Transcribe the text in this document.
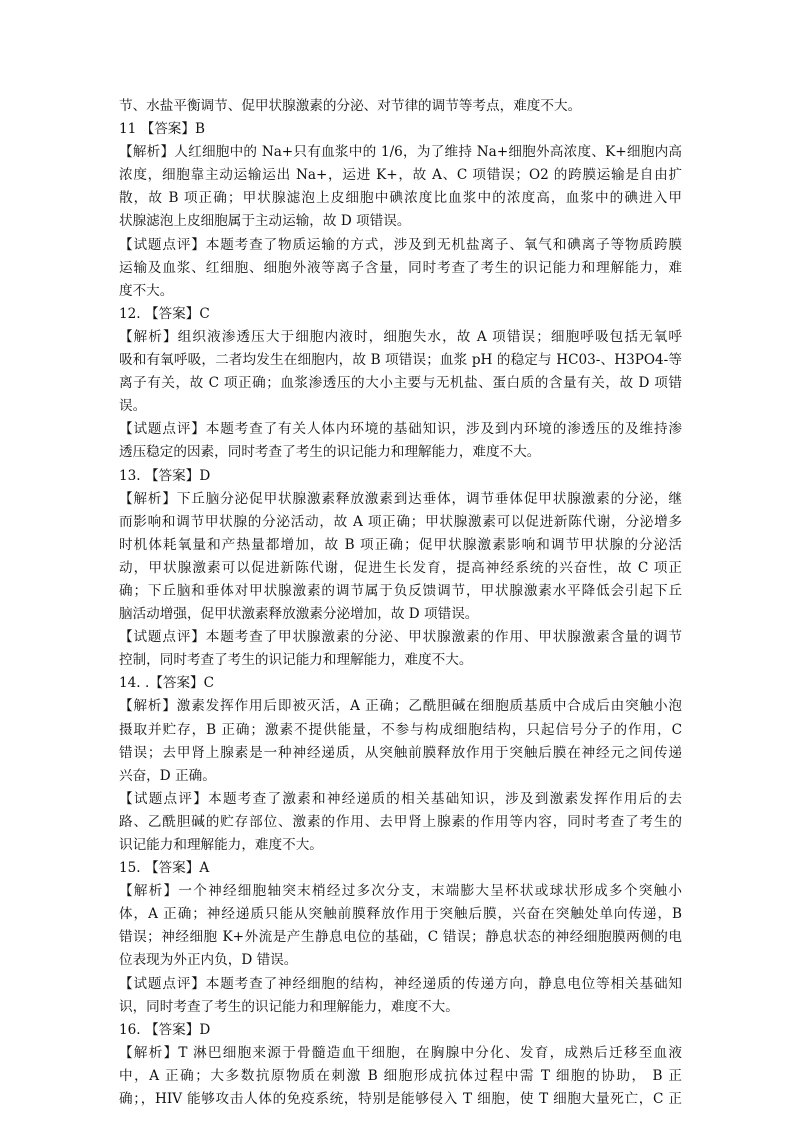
节、水盐平衡调节、促甲状腺激素的分泌、对节律的调节等考点，难度不大。
11 【答案】B
【解析】人红细胞中的 Na+只有血浆中的 1/6，为了维持 Na+细胞外高浓度、K+细胞内高
浓度，细胞靠主动运输运出 Na+，运进 K+，故 A、C 项错误；O2 的跨膜运输是自由扩
散，故 B 项正确；甲状腺滤泡上皮细胞中碘浓度比血浆中的浓度高，血浆中的碘进入甲
状腺滤泡上皮细胞属于主动运输，故 D 项错误。
【试题点评】本题考查了物质运输的方式，涉及到无机盐离子、氧气和碘离子等物质跨膜
运输及血浆、红细胞、细胞外液等离子含量，同时考查了考生的识记能力和理解能力，难
度不大。
12. 【答案】C
【解析】组织液渗透压大于细胞内液时，细胞失水，故 A 项错误；细胞呼吸包括无氧呼
吸和有氧呼吸，二者均发生在细胞内，故 B 项错误；血浆 pH 的稳定与 HC03-、H3PO4-等
离子有关，故 C 项正确；血浆渗透压的大小主要与无机盐、蛋白质的含量有关，故 D 项错
误。
【试题点评】本题考查了有关人体内环境的基础知识，涉及到内环境的渗透压的及维持渗
透压稳定的因素，同时考查了考生的识记能力和理解能力，难度不大。
13. 【答案】D
【解析】下丘脑分泌促甲状腺激素释放激素到达垂体，调节垂体促甲状腺激素的分泌，继
而影响和调节甲状腺的分泌活动，故 A 项正确；甲状腺激素可以促进新陈代谢，分泌增多
时机体耗氧量和产热量都增加，故 B 项正确；促甲状腺激素影响和调节甲状腺的分泌活
动，甲状腺激素可以促进新陈代谢，促进生长发育，提高神经系统的兴奋性，故 C 项正
确；下丘脑和垂体对甲状腺激素的调节属于负反馈调节，甲状腺激素水平降低会引起下丘
脑活动增强，促甲状激素释放激素分泌增加，故 D 项错误。
【试题点评】本题考查了甲状腺激素的分泌、甲状腺激素的作用、甲状腺激素含量的调节
控制，同时考查了考生的识记能力和理解能力，难度不大。
14. .【答案】C
【解析】激素发挥作用后即被灭活，A 正确；乙酰胆碱在细胞质基质中合成后由突触小泡
摄取并贮存，B 正确；激素不提供能量，不参与构成细胞结构，只起信号分子的作用，C
错误；去甲肾上腺素是一种神经递质，从突触前膜释放作用于突触后膜在神经元之间传递
兴奋，D 正确。
【试题点评】本题考查了激素和神经递质的相关基础知识，涉及到激素发挥作用后的去
路、乙酰胆碱的贮存部位、激素的作用、去甲肾上腺素的作用等内容，同时考查了考生的
识记能力和理解能力，难度不大。
15. 【答案】A
【解析】一个神经细胞轴突末梢经过多次分支，末端膨大呈杯状或球状形成多个突触小
体，A 正确；神经递质只能从突触前膜释放作用于突触后膜，兴奋在突触处单向传递，B
错误；神经细胞 K+外流是产生静息电位的基础，C 错误；静息状态的神经细胞膜两侧的电
位表现为外正内负，D 错误。
【试题点评】本题考查了神经细胞的结构，神经递质的传递方向，静息电位等相关基础知
识，同时考查了考生的识记能力和理解能力，难度不大。
16. 【答案】D
【解析】T 淋巴细胞来源于骨髓造血干细胞，在胸腺中分化、发育，成熟后迁移至血液
中，A 正确；大多数抗原物质在刺激 B 细胞形成抗体过程中需 T 细胞的协助， B 正
确；，HIV 能够攻击人体的免疫系统，特别是能够侵入 T 细胞，使 T 细胞大量死亡，C 正
